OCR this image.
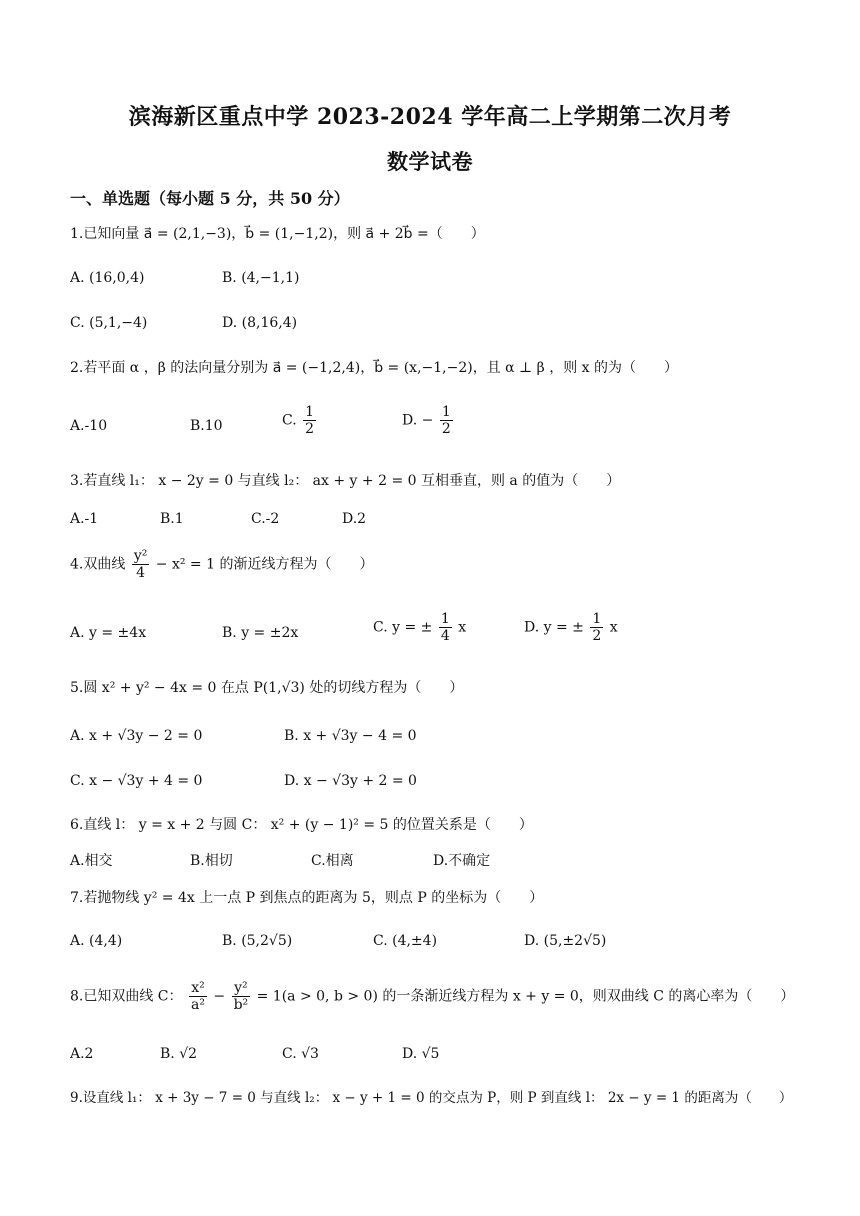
滨海新区重点中学 2023-2024 学年高二上学期第二次月考
数学试卷
一、单选题（每小题 5 分，共 50 分）
1.已知向量 a⃗ = (2,1,−3)，b⃗ = (1,−1,2)，则 a⃗ + 2b⃗ =（　　）
A. (16,0,4)	B. (4,−1,1)
C. (5,1,−4)	D. (8,16,4)
2.若平面 α ，β 的法向量分别为 a⃗ = (−1,2,4)，b⃗ = (x,−1,−2)，且 α ⊥ β ，则 x 的为（　　）
A.-10	B.10	C. $\frac{1}{2}$	D. − $\frac{1}{2}$
3.若直线 l₁： x − 2y = 0 与直线 l₂： ax + y + 2 = 0 互相垂直，则 a 的值为（　　）
A.-1	B.1	C.-2	D.2
4.双曲线 $\frac{\text{y²}}{4} - x^2 = 1$ 的渐近线方程为（　　）
A. y = ±4x	B. y = ±2x	C. y = ± $\frac{1}{4}$ x	D. y = ± $\frac{1}{2}$ x
5.圆 x² + y² − 4x = 0 在点 P(1,√3) 处的切线方程为（　　）
A. x + √3y − 2 = 0	B. x + √3y − 4 = 0
C. x − √3y + 4 = 0	D. x − √3y + 2 = 0
6.直线 l： y = x + 2 与圆 C： x² + (y − 1)² = 5 的位置关系是（　　）
A.相交	B.相切	C.相离	D.不确定
7.若抛物线 y² = 4x 上一点 P 到焦点的距离为 5，则点 P 的坐标为（　　）
A. (4,4)	B. (5,2√5)	C. (4,±4)	D. (5,±2√5)
8.已知双曲线 C： $\frac{\text{x²}}{\text{a²}} - \frac{\text{y²}}{\text{b²}} = 1(a > 0$, b > 0) 的一条渐近线方程为 x + y = 0，则双曲线 C 的离心率为（　　）
A.2	B. √2	C. √3	D. √5
9.设直线 l₁： x + 3y − 7 = 0 与直线 l₂： x − y + 1 = 0 的交点为 P，则 P 到直线 l： 2x − y = 1 的距离为（　　）
